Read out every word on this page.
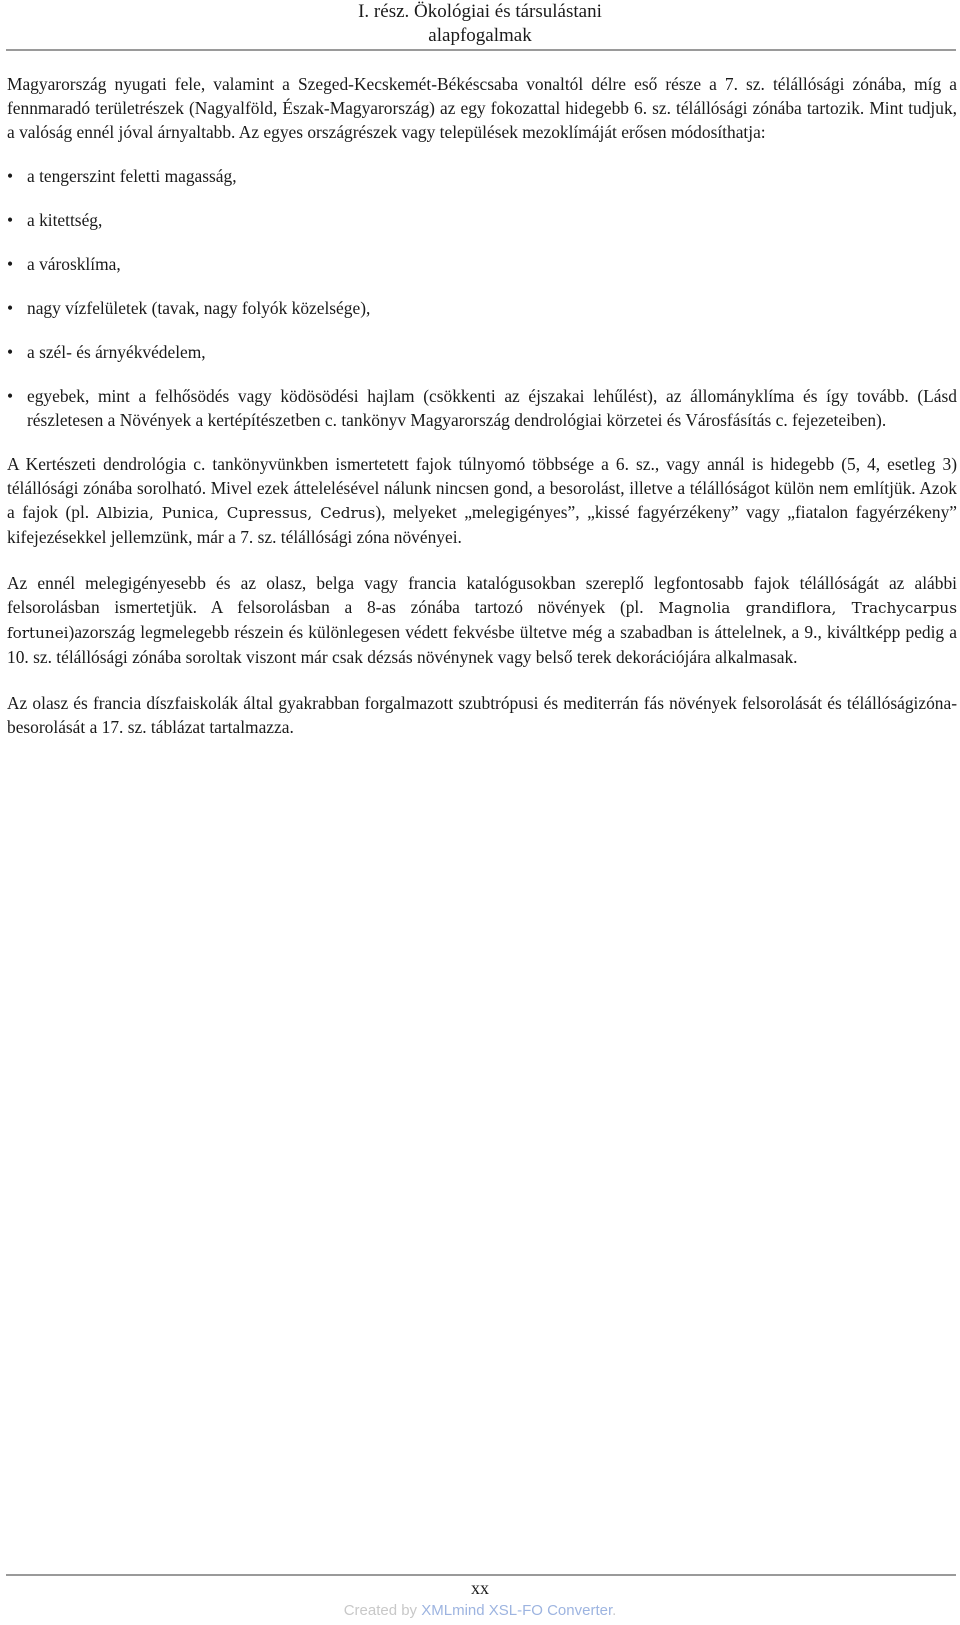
I. rész. Ökológiai és társulástani
alapfogalmak

Magyarország nyugati fele, valamint a Szeged-Kecskemét-Békéscsaba vonaltól délre eső része a 7. sz. télállósági zónába, míg a fennmaradó területrészek (Nagyalföld, Észak-Magyarország) az egy fokozattal hidegebb 6. sz. télállósági zónába tartozik. Mint tudjuk, a valóság ennél jóval árnyaltabb. Az egyes országrészek vagy települések mezoklímáját erősen módosíthatja:

• a tengerszint feletti magasság,
• a kitettség,
• a városklíma,
• nagy vízfelületek (tavak, nagy folyók közelsége),
• a szél- és árnyékvédelem,
• egyebek, mint a felhősödés vagy ködösödési hajlam (csökkenti az éjszakai lehűlést), az állományklíma és így tovább. (Lásd részletesen a Növények a kertépítészetben c. tankönyv Magyarország dendrológiai körzetei és Városfásítás c. fejezeteiben).

A Kertészeti dendrológia c. tankönyvünkben ismertetett fajok túlnyomó többsége a 6. sz., vagy annál is hidegebb (5, 4, esetleg 3) télállósági zónába sorolható. Mivel ezek áttelelésével nálunk nincsen gond, a besorolást, illetve a télállóságot külön nem említjük. Azok a fajok (pl. Albizia, Punica, Cupressus, Cedrus), melyeket „melegigényes”, „kissé fagyérzékeny” vagy „fiatalon fagyérzékeny” kifejezésekkel jellemzünk, már a 7. sz. télállósági zóna növényei.

Az ennél melegigényesebb és az olasz, belga vagy francia katalógusokban szereplő legfontosabb fajok télállóságát az alábbi felsorolásban ismertetjük. A felsorolásban a 8-as zónába tartozó növények (pl. Magnolia grandiflora, Trachycarpus fortunei)azország legmelegebb részein és különlegesen védett fekvésbe ültetve még a szabadban is áttelelnek, a 9., kiváltképp pedig a 10. sz. télállósági zónába soroltak viszont már csak dézsás növénynek vagy belső terek dekorációjára alkalmasak.

Az olasz és francia díszfaiskolák által gyakrabban forgalmazott szubtrópusi és mediterrán fás növények felsorolását és télállóságizóna-besorolását a 17. sz. táblázat tartalmazza.

xx
Created by XMLmind XSL-FO Converter.
